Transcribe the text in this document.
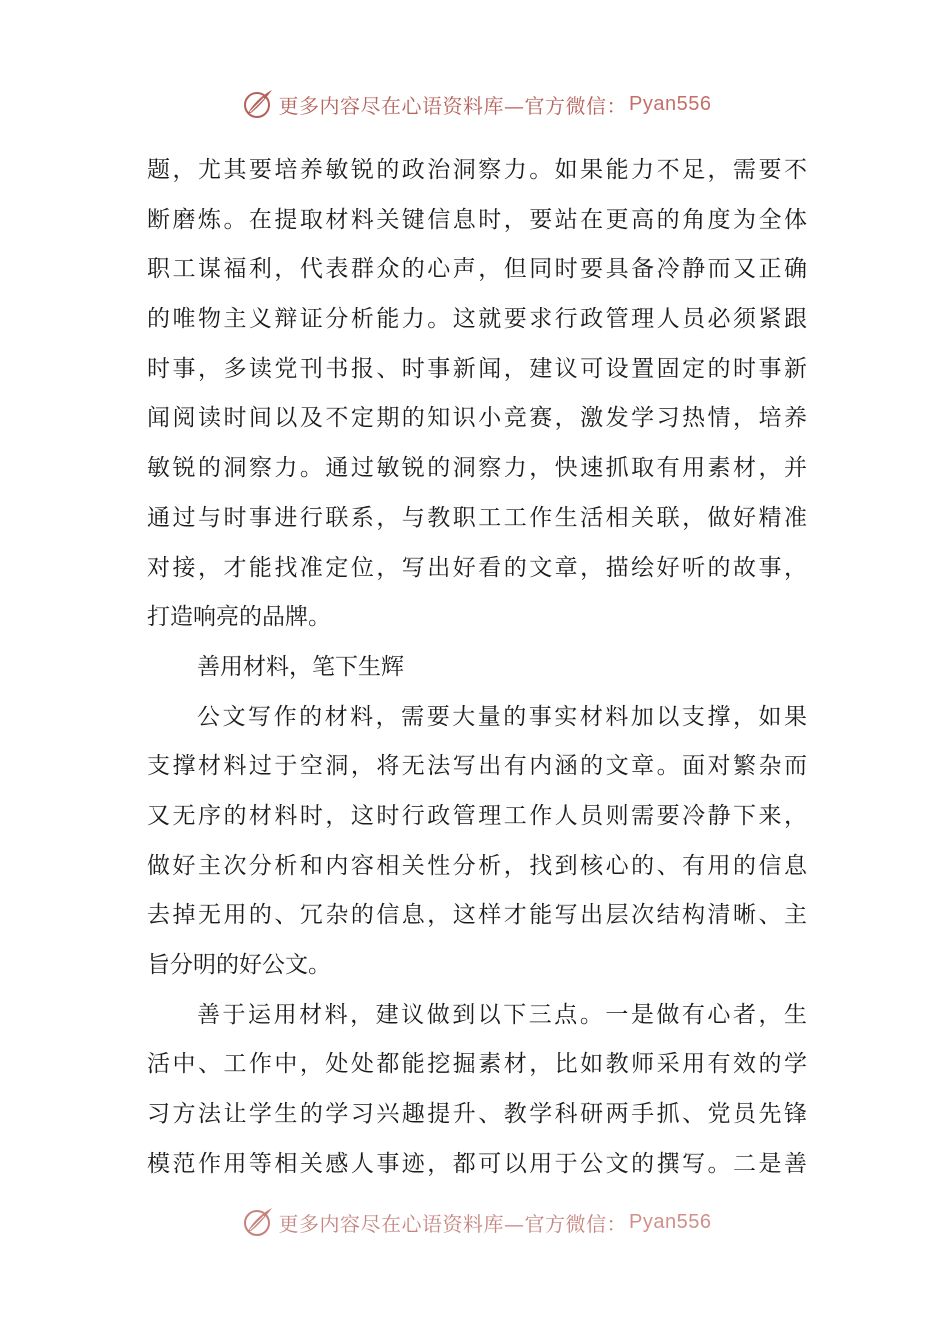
更多内容尽在心语资料库—官方微信： Pyan556
题，尤其要培养敏锐的政治洞察力。如果能力不足，需要不
断磨炼。在提取材料关键信息时，要站在更高的角度为全体
职工谋福利，代表群众的心声，但同时要具备冷静而又正确
的唯物主义辩证分析能力。这就要求行政管理人员必须紧跟
时事，多读党刊书报、时事新闻，建议可设置固定的时事新
闻阅读时间以及不定期的知识小竞赛，激发学习热情，培养
敏锐的洞察力。通过敏锐的洞察力，快速抓取有用素材，并
通过与时事进行联系，与教职工工作生活相关联，做好精准
对接，才能找准定位，写出好看的文章，描绘好听的故事，
打造响亮的品牌。
善用材料，笔下生辉
公文写作的材料，需要大量的事实材料加以支撑，如果
支撑材料过于空洞，将无法写出有内涵的文章。面对繁杂而
又无序的材料时，这时行政管理工作人员则需要冷静下来，
做好主次分析和内容相关性分析，找到核心的、有用的信息
去掉无用的、冗杂的信息，这样才能写出层次结构清晰、主
旨分明的好公文。
善于运用材料，建议做到以下三点。一是做有心者，生
活中、工作中，处处都能挖掘素材，比如教师采用有效的学
习方法让学生的学习兴趣提升、教学科研两手抓、党员先锋
模范作用等相关感人事迹，都可以用于公文的撰写。二是善
更多内容尽在心语资料库—官方微信： Pyan556
